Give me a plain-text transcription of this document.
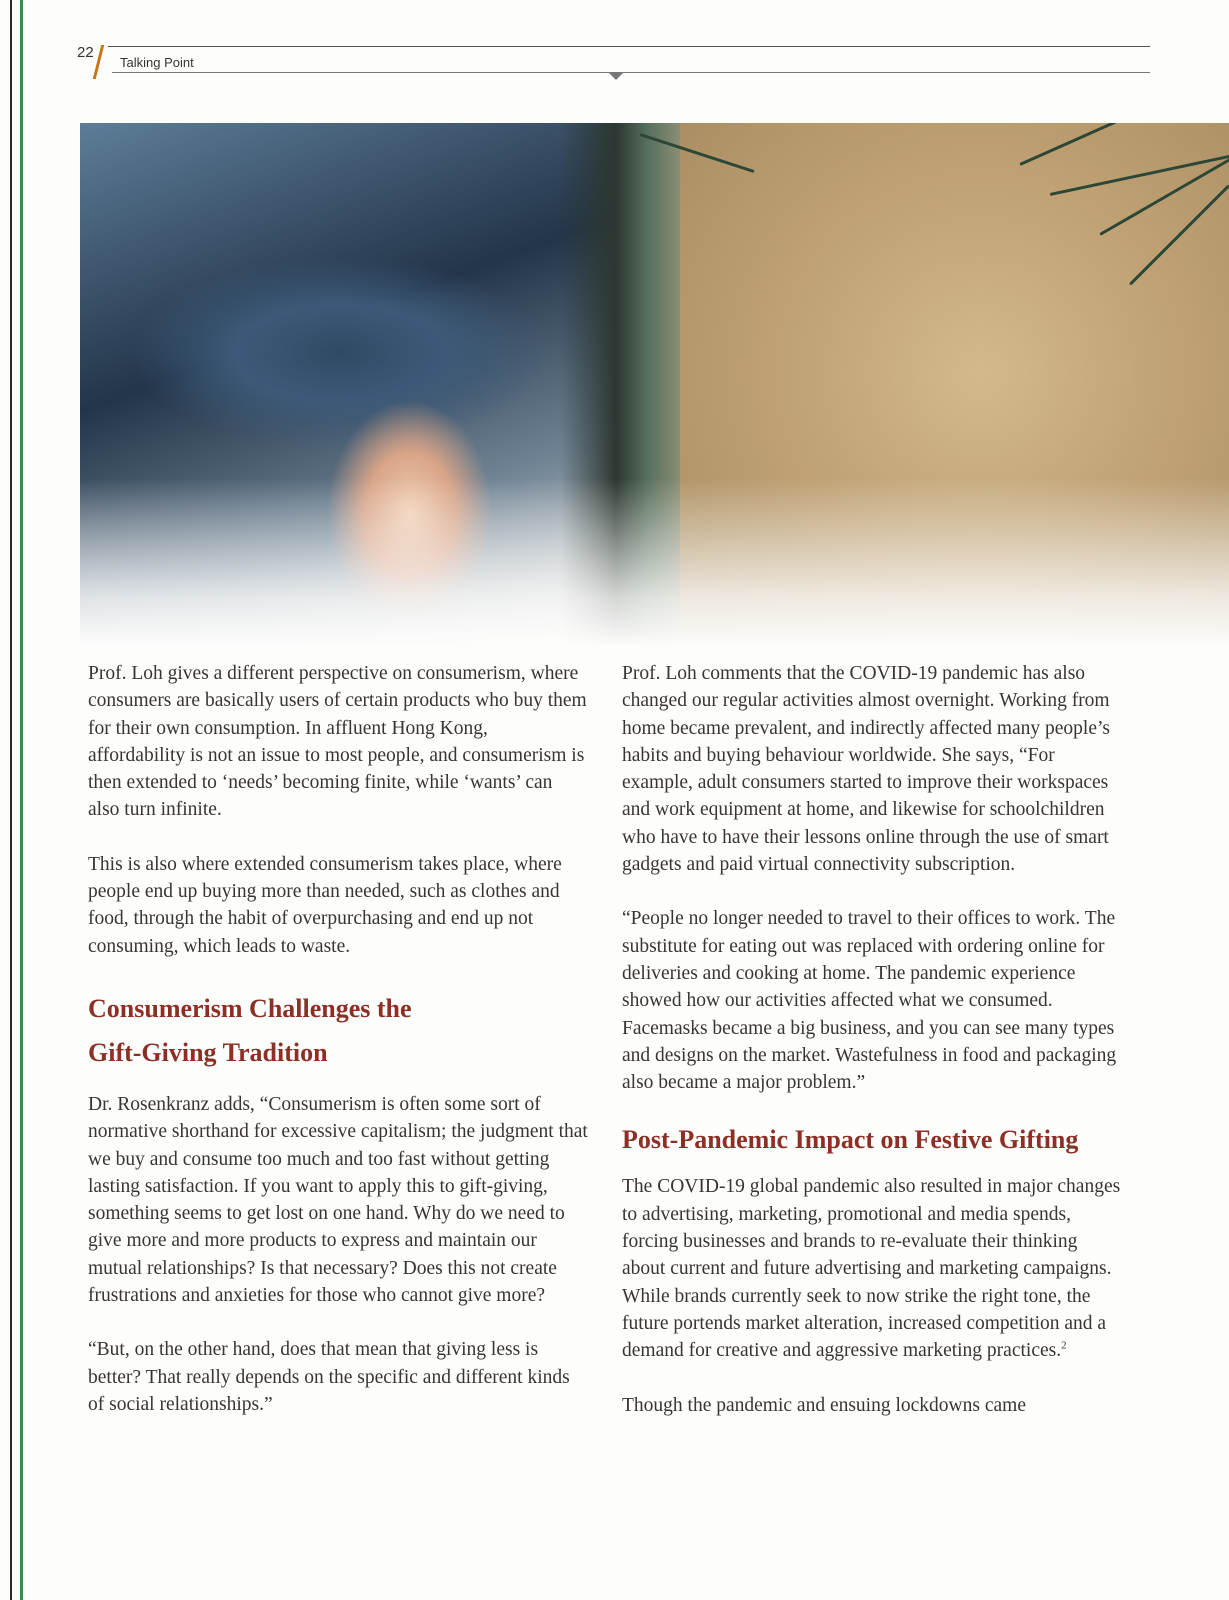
22
Talking Point

Prof. Loh gives a different perspective on consumerism, where consumers are basically users of certain products who buy them for their own consumption. In affluent Hong Kong, affordability is not an issue to most people, and consumerism is then extended to ‘needs’ becoming finite, while ‘wants’ can also turn infinite.

This is also where extended consumerism takes place, where people end up buying more than needed, such as clothes and food, through the habit of overpurchasing and end up not consuming, which leads to waste.

Consumerism Challenges the
Gift-Giving Tradition

Dr. Rosenkranz adds, “Consumerism is often some sort of normative shorthand for excessive capitalism; the judgment that we buy and consume too much and too fast without getting lasting satisfaction. If you want to apply this to gift-giving, something seems to get lost on one hand. Why do we need to give more and more products to express and maintain our mutual relationships? Is that necessary? Does this not create frustrations and anxieties for those who cannot give more?

“But, on the other hand, does that mean that giving less is better? That really depends on the specific and different kinds of social relationships.”

Prof. Loh comments that the COVID-19 pandemic has also changed our regular activities almost overnight. Working from home became prevalent, and indirectly affected many people’s habits and buying behaviour worldwide. She says, “For example, adult consumers started to improve their workspaces and work equipment at home, and likewise for schoolchildren who have to have their lessons online through the use of smart gadgets and paid virtual connectivity subscription.

“People no longer needed to travel to their offices to work. The substitute for eating out was replaced with ordering online for deliveries and cooking at home. The pandemic experience showed how our activities affected what we consumed. Facemasks became a big business, and you can see many types and designs on the market. Wastefulness in food and packaging also became a major problem.”

Post-Pandemic Impact on Festive Gifting

The COVID-19 global pandemic also resulted in major changes to advertising, marketing, promotional and media spends, forcing businesses and brands to re-evaluate their thinking about current and future advertising and marketing campaigns. While brands currently seek to now strike the right tone, the future portends market alteration, increased competition and a demand for creative and aggressive marketing practices.$^2$

Though the pandemic and ensuing lockdowns came
